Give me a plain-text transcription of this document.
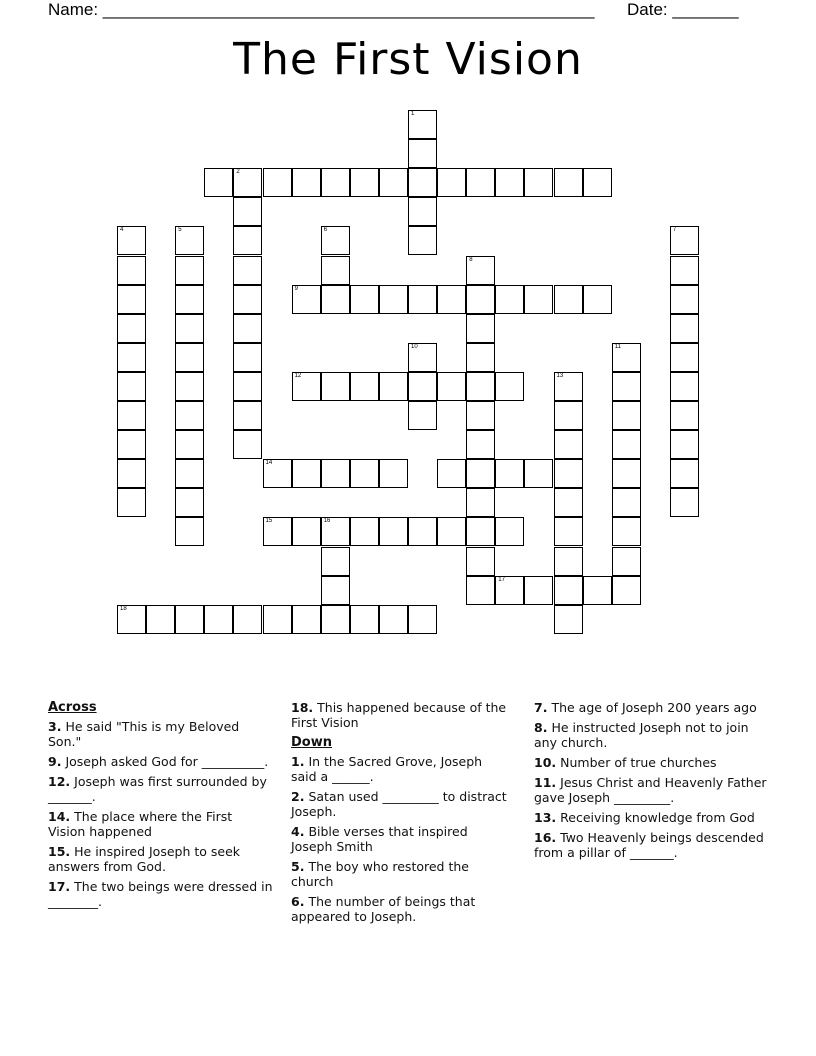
Name: ____________________________________________________ Date: _______
The First Vision
1
2
4	5	6	7
8
9
10	11
12	13
14
15	16
17
18
Across
3. He said "This is my Beloved Son."
9. Joseph asked God for __________.
12. Joseph was first surrounded by _______.
14. The place where the First Vision happened
15. He inspired Joseph to seek answers from God.
17. The two beings were dressed in ________.
18. This happened because of the First Vision
Down
1. In the Sacred Grove, Joseph said a ______.
2. Satan used _________ to distract Joseph.
4. Bible verses that inspired Joseph Smith
5. The boy who restored the church
6. The number of beings that appeared to Joseph.
7. The age of Joseph 200 years ago
8. He instructed Joseph not to join any church.
10. Number of true churches
11. Jesus Christ and Heavenly Father gave Joseph _________.
13. Receiving knowledge from God
16. Two Heavenly beings descended from a pillar of _______.
